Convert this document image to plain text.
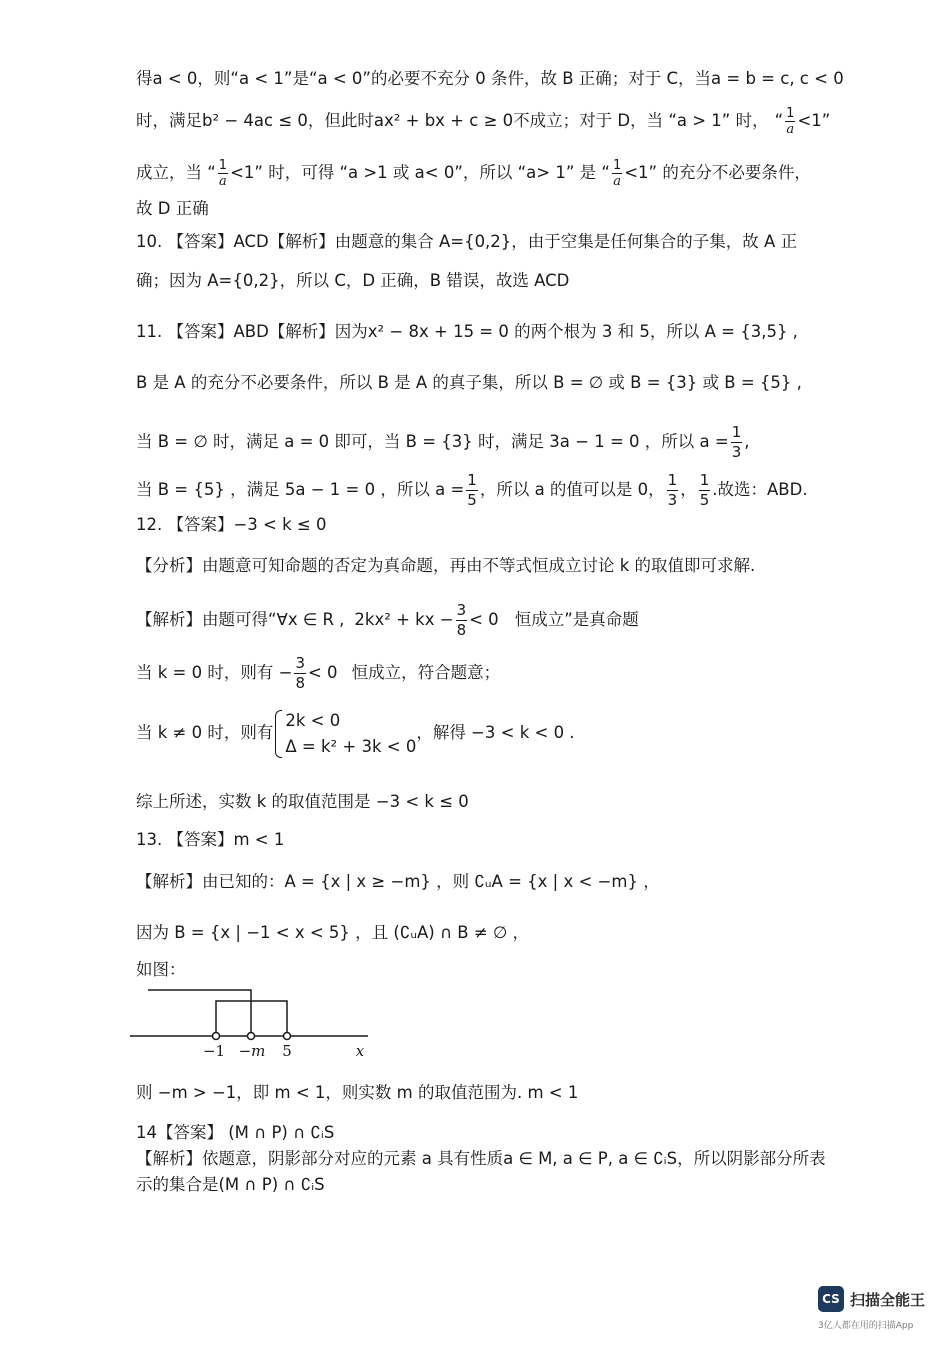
得a < 0，则“a < 1”是“a < 0”的必要不充分 0 条件，故 B 正确；对于 C，当a = b = c, c < 0
时，满足b² − 4ac ≤ 0，但此时ax² + bx + c ≥ 0不成立；对于 D，当 “a > 1” 时， “ $\frac{1}{a} <1$”
成立，当 “ $\frac{1}{a} <1$” 时，可得 “a >1 或 a< 0”，所以 “a> 1” 是 “ $\frac{1}{a} <1$” 的充分不必要条件，
故 D 正确
10. 【答案】ACD【解析】由题意的集合 A={0,2}，由于空集是任何集合的子集，故 A 正
确；因为 A={0,2}，所以 C，D 正确，B 错误，故选 ACD
11. 【答案】ABD【解析】因为x² − 8x + 15 = 0 的两个根为 3 和 5，所以 A = {3,5} ,
B 是 A 的充分不必要条件，所以 B 是 A 的真子集，所以 B = ∅ 或 B = {3} 或 B = {5} ,
当 B = ∅ 时，满足 a = 0 即可，当 B = {3} 时，满足 3a − 1 = 0 ，所以 $a = \frac{1}{3}$ ,
当 B = {5} ，满足 5a − 1 = 0 ，所以 $a = \frac{1}{5}$ ，所以 a 的值可以是 0， $\frac{1}{3}$ ， $\frac{1}{5}$ .故选：ABD.
12. 【答案】−3 < k ≤ 0
【分析】由题意可知命题的否定为真命题，再由不等式恒成立讨论 k 的取值即可求解.
【解析】由题可得“∀x ∈ R , 2kx² + kx − $\frac{3}{8} < 0$ 恒成立”是真命题
当 k = 0 时，则有 − $\frac{3}{8} < 0$ 恒成立，符合题意；
当 k ≠ 0 时，则有
2k < 0
Δ = k² + 3k < 0
，解得 −3 < k < 0 .
综上所述，实数 k 的取值范围是 −3 < k ≤ 0
13. 【答案】m < 1
【解析】由已知的：A = {x | x ≥ −m} ，则 ∁ᵤA = {x | x < −m} ，
因为 B = {x | −1 < x < 5} ，且 (∁ᵤA) ∩ B ≠ ∅ ，
如图：
−1 −m 5	x
则 −m > −1，即 m < 1，则实数 m 的取值范围为. m < 1
14【答案】 (M ∩ P) ∩ ∁ᵢS
【解析】依题意，阴影部分对应的元素 a 具有性质a ∈ M, a ∈ P, a ∈ ∁ᵢS，所以阴影部分所表
示的集合是(M ∩ P) ∩ ∁ᵢS
CS 扫描全能王
3亿人都在用的扫描App
